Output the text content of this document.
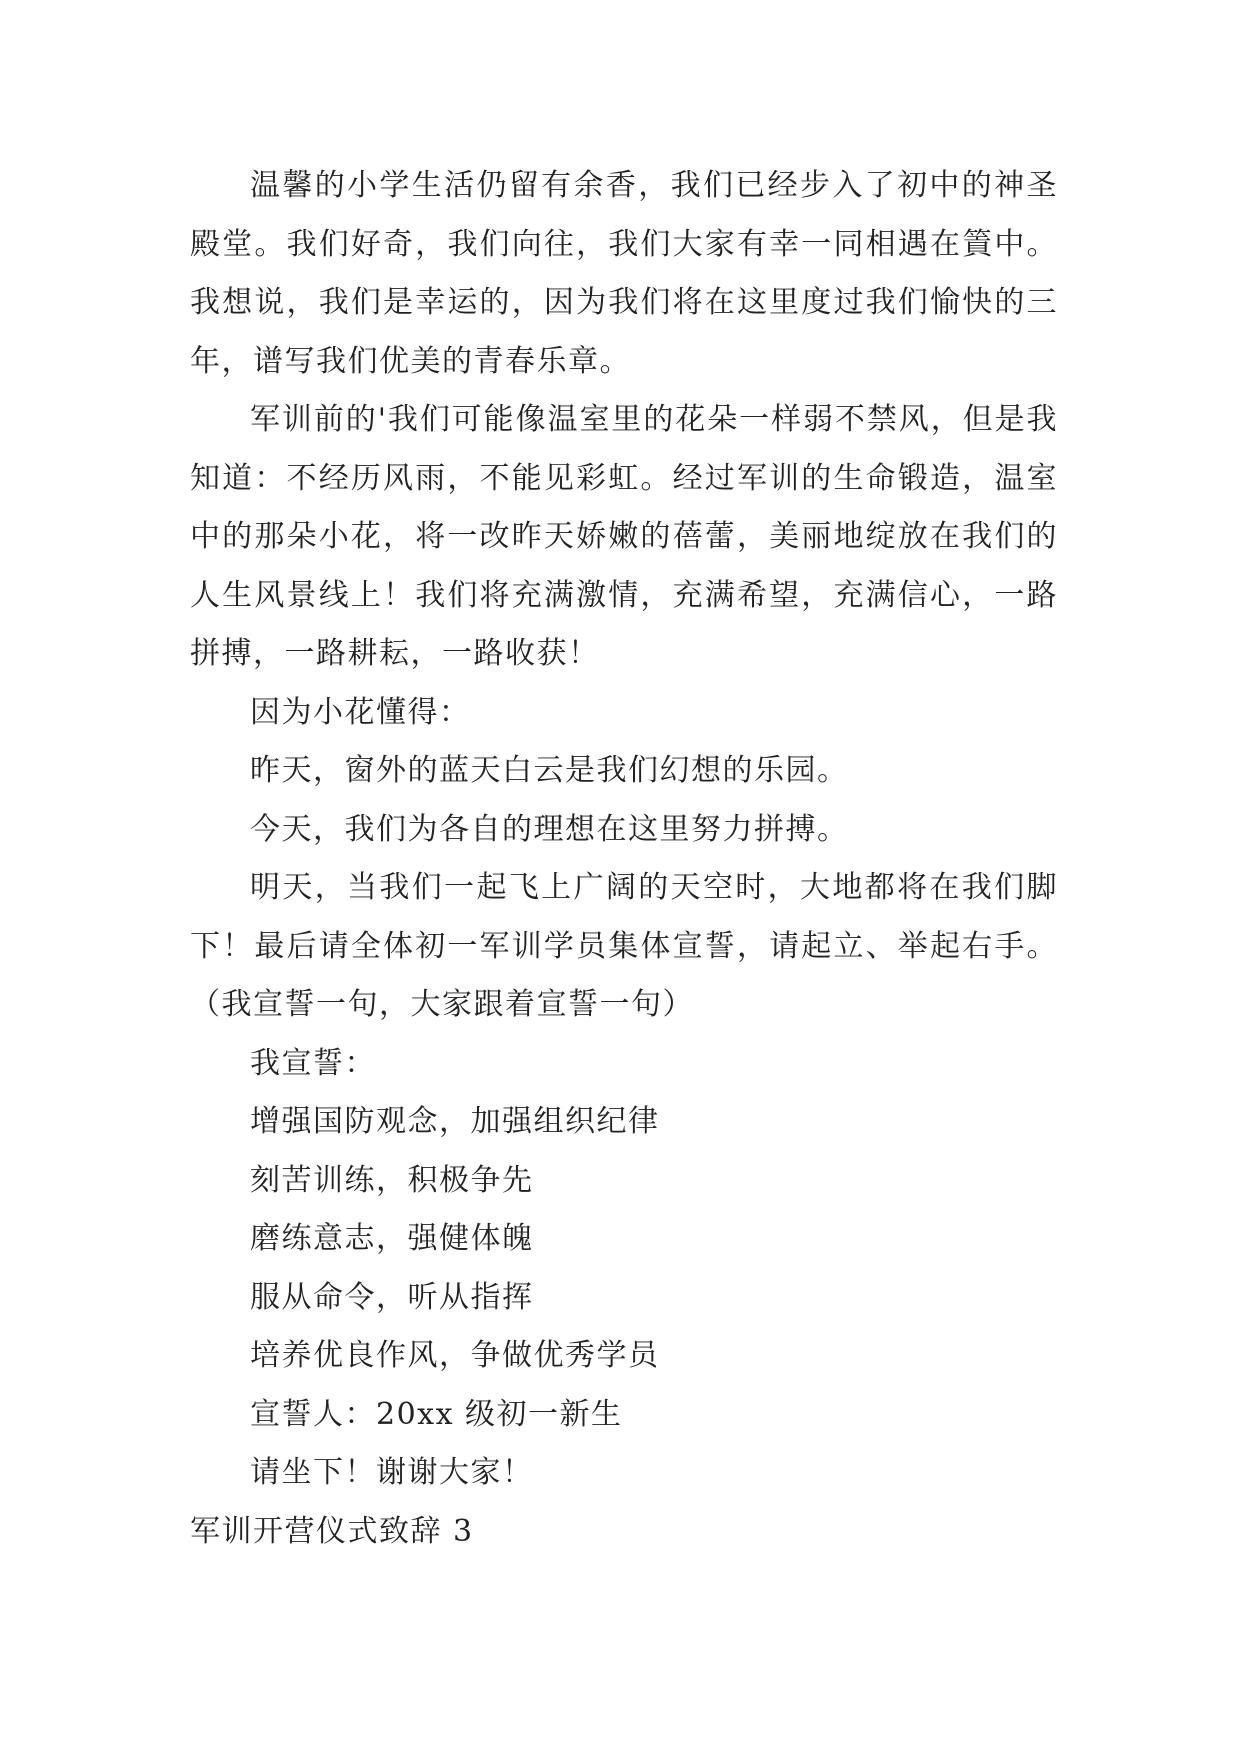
温馨的小学生活仍留有余香，我们已经步入了初中的神圣殿堂。我们好奇，我们向往，我们大家有幸一同相遇在篢中。我想说，我们是幸运的，因为我们将在这里度过我们愉快的三年，谱写我们优美的青春乐章。

军训前的'我们可能像温室里的花朵一样弱不禁风，但是我知道：不经历风雨，不能见彩虹。经过军训的生命锻造，温室中的那朵小花，将一改昨天娇嫩的蓓蕾，美丽地绽放在我们的人生风景线上！我们将充满激情，充满希望，充满信心，一路拼搏，一路耕耘，一路收获！

因为小花懂得：

昨天，窗外的蓝天白云是我们幻想的乐园。

今天，我们为各自的理想在这里努力拼搏。

明天，当我们一起飞上广阔的天空时，大地都将在我们脚下！最后请全体初一军训学员集体宣誓，请起立、举起右手。（我宣誓一句，大家跟着宣誓一句）

我宣誓：

增强国防观念，加强组织纪律

刻苦训练，积极争先

磨练意志，强健体魄

服从命令，听从指挥

培养优良作风，争做优秀学员

宣誓人：20xx 级初一新生

请坐下！谢谢大家！

军训开营仪式致辞 3
